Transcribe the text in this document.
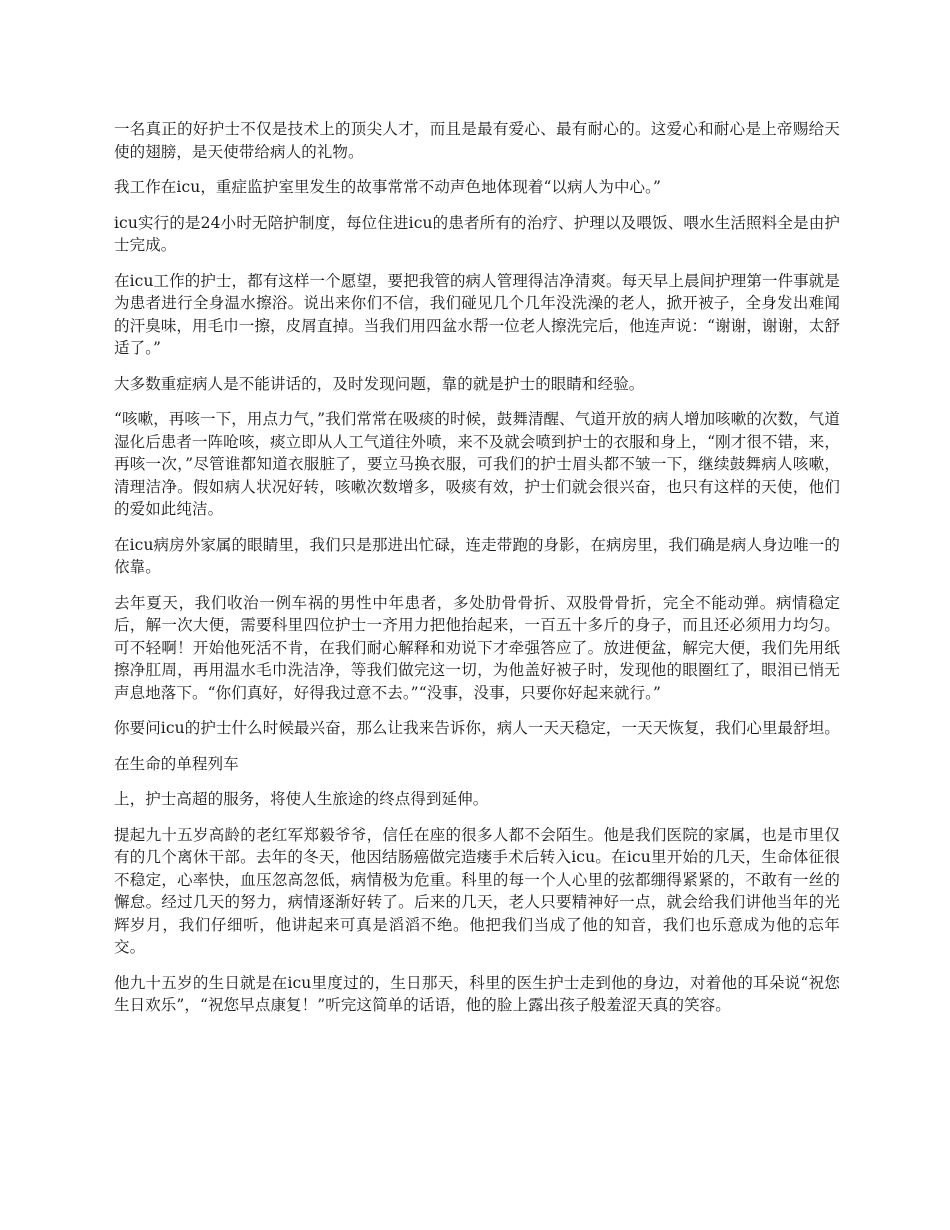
一名真正的好护士不仅是技术上的顶尖人才，而且是最有爱心、最有耐心的。这爱心和耐心是上帝赐给天使的翅膀，是天使带给病人的礼物。

我工作在icu，重症监护室里发生的故事常常不动声色地体现着“以病人为中心。”

icu实行的是24小时无陪护制度，每位住进icu的患者所有的治疗、护理以及喂饭、喂水生活照料全是由护士完成。

在icu工作的护士，都有这样一个愿望，要把我管的病人管理得洁净清爽。每天早上晨间护理第一件事就是为患者进行全身温水擦浴。说出来你们不信，我们碰见几个几年没洗澡的老人，掀开被子，全身发出难闻的汗臭味，用毛巾一擦，皮屑直掉。当我们用四盆水帮一位老人擦洗完后，他连声说：“谢谢，谢谢，太舒适了。”

大多数重症病人是不能讲话的，及时发现问题，靠的就是护士的眼睛和经验。

“咳嗽，再咳一下，用点力气，”我们常常在吸痰的时候，鼓舞清醒、气道开放的病人增加咳嗽的次数，气道湿化后患者一阵呛咳，痰立即从人工气道往外喷，来不及就会喷到护士的衣服和身上，“刚才很不错，来，再咳一次，”尽管谁都知道衣服脏了，要立马换衣服，可我们的护士眉头都不皱一下，继续鼓舞病人咳嗽，清理洁净。假如病人状况好转，咳嗽次数增多，吸痰有效，护士们就会很兴奋，也只有这样的天使，他们的爱如此纯洁。

在icu病房外家属的眼睛里，我们只是那进出忙碌，连走带跑的身影，在病房里，我们确是病人身边唯一的依靠。

去年夏天，我们收治一例车祸的男性中年患者，多处肋骨骨折、双股骨骨折，完全不能动弹。病情稳定后，解一次大便，需要科里四位护士一齐用力把他抬起来，一百五十多斤的身子，而且还必须用力均匀。可不轻啊！开始他死活不肯，在我们耐心解释和劝说下才牵强答应了。放进便盆，解完大便，我们先用纸擦净肛周，再用温水毛巾洗洁净，等我们做完这一切，为他盖好被子时，发现他的眼圈红了，眼泪已悄无声息地落下。“你们真好，好得我过意不去。”“没事，没事，只要你好起来就行。”

你要问icu的护士什么时候最兴奋，那么让我来告诉你，病人一天天稳定，一天天恢复，我们心里最舒坦。

在生命的单程列车

上，护士高超的服务，将使人生旅途的终点得到延伸。

提起九十五岁高龄的老红军郑毅爷爷，信任在座的很多人都不会陌生。他是我们医院的家属，也是市里仅有的几个离休干部。去年的冬天，他因结肠癌做完造瘘手术后转入icu。在icu里开始的几天，生命体征很不稳定，心率快，血压忽高忽低，病情极为危重。科里的每一个人心里的弦都绷得紧紧的，不敢有一丝的懈怠。经过几天的努力，病情逐渐好转了。后来的几天，老人只要精神好一点，就会给我们讲他当年的光辉岁月，我们仔细听，他讲起来可真是滔滔不绝。他把我们当成了他的知音，我们也乐意成为他的忘年交。

他九十五岁的生日就是在icu里度过的，生日那天，科里的医生护士走到他的身边，对着他的耳朵说“祝您生日欢乐”，“祝您早点康复！”听完这简单的话语，他的脸上露出孩子般羞涩天真的笑容。
